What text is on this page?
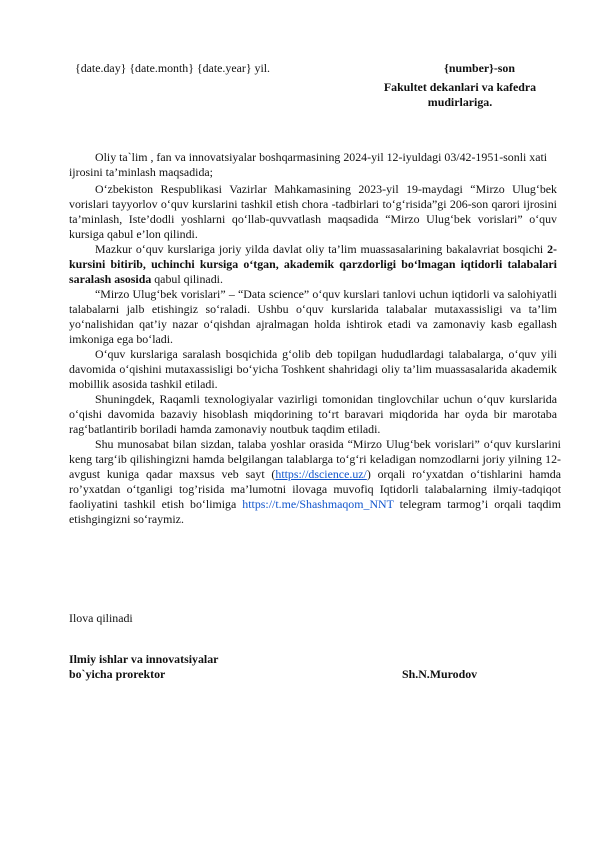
{date.day} {date.month} {date.year} yil.	{number}-son
Fakultet dekanlari va kafedra
mudirlariga.

Oliy ta`lim , fan va innovatsiyalar boshqarmasining 2024-yil 12-iyuldagi 03/42-1951-sonli xati ijrosini ta’minlash maqsadida;

O‘zbekiston Respublikasi Vazirlar Mahkamasining 2023-yil 19-maydagi “Mirzo Ulug‘bek vorislari tayyorlov o‘quv kurslarini tashkil etish chora -tadbirlari to‘g‘risida”gi 206-son qarori ijrosini ta’minlash, Iste’dodli yoshlarni qo‘llab-quvvatlash maqsadida “Mirzo Ulug‘bek vorislari” o‘quv kursiga qabul e’lon qilindi.

Mazkur o‘quv kurslariga joriy yilda davlat oliy ta’lim muassasalarining bakalavriat bosqichi 2-kursini bitirib, uchinchi kursiga o‘tgan, akademik qarzdorligi bo‘lmagan iqtidorli talabalari saralash asosida qabul qilinadi.

“Mirzo Ulug‘bek vorislari” – “Data science” o‘quv kurslari tanlovi uchun iqtidorli va salohiyatli talabalarni jalb etishingiz so‘raladi. Ushbu o‘quv kurslarida talabalar mutaxassisligi va ta’lim yo‘nalishidan qat’iy nazar o‘qishdan ajralmagan holda ishtirok etadi va zamonaviy kasb egallash imkoniga ega bo‘ladi.

O‘quv kurslariga saralash bosqichida g‘olib deb topilgan hududlardagi talabalarga, o‘quv yili davomida o‘qishini mutaxassisligi bo‘yicha Toshkent shahridagi oliy ta’lim muassasalarida akademik mobillik asosida tashkil etiladi.

Shuningdek, Raqamli texnologiyalar vazirligi tomonidan tinglovchilar uchun o‘quv kurslarida o‘qishi davomida bazaviy hisoblash miqdorining to‘rt baravari miqdorida har oyda bir marotaba rag‘batlantirib boriladi hamda zamonaviy noutbuk taqdim etiladi.

Shu munosabat bilan sizdan, talaba yoshlar orasida “Mirzo Ulug‘bek vorislari” o‘quv kurslarini keng targ‘ib qilishingizni hamda belgilangan talablarga to‘g‘ri keladigan nomzodlarni joriy yilning 12-avgust kuniga qadar maxsus veb sayt (https://dscience.uz/) orqali ro‘yxatdan o‘tishlarini hamda ro’yxatdan o‘tganligi tog’risida ma’lumotni ilovaga muvofiq Iqtidorli talabalarning ilmiy-tadqiqot faoliyatini tashkil etish bo‘limiga https://t.me/Shashmaqom_NNT telegram tarmog’i orqali taqdim etishgingizni so‘raymiz.

Ilova qilinadi
Ilmiy ishlar va innovatsiyalar
bo`yicha prorektor	Sh.N.Murodov
